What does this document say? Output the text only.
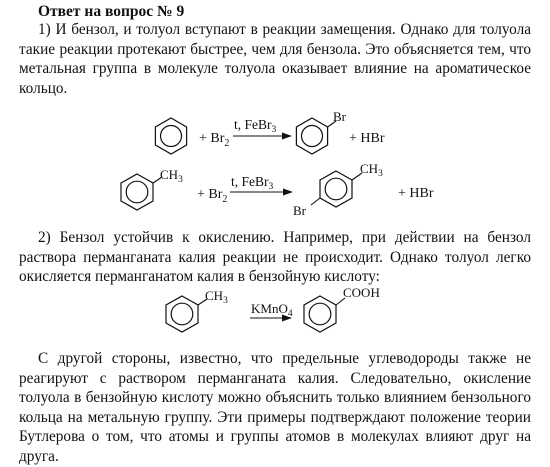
Ответ на вопрос № 9

1) И бензол, и толуол вступают в реакции замещения. Однако для толуола такие реакции протекают быстрее, чем для бензола. Это объясняется тем, что метальная группа в молекуле толуола оказывает влияние на ароматическое кольцо.

+ $Br_2$
t, FeBr$_3$
Br
+ HBr
$CH_3$
+ $Br_2$
t, FeBr$_3$
$CH_3$
Br
+ HBr

2) Бензол устойчив к окислению. Например, при действии на бензол раствора перманганата калия реакции не происходит. Однако толуол легко окисляется перманганатом калия в бензойную кислоту:

$CH_3$ KMnO$_4$
COOH

С другой стороны, известно, что предельные углеводороды также не реагируют с раствором перманганата калия. Следовательно, окисление толуола в бензойную кислоту можно объяснить только влиянием бензольного кольца на метальную группу. Эти примеры подтверждают положение теории Бутлерова о том, что атомы и группы атомов в молекулах влияют друг на друга.
